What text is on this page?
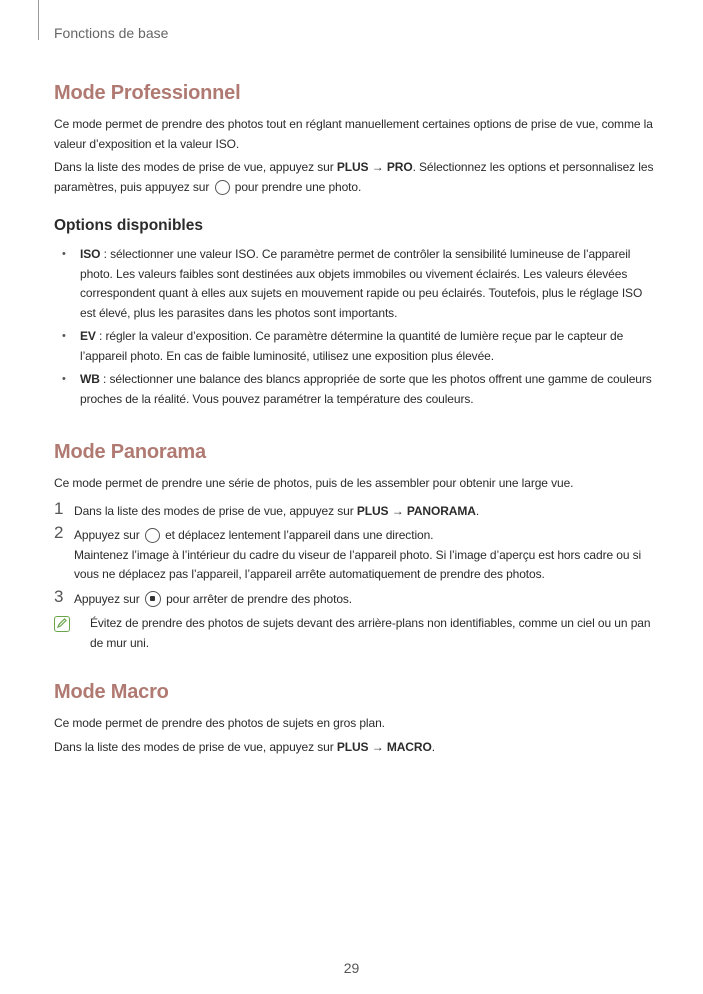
Fonctions de base
Mode Professionnel

Ce mode permet de prendre des photos tout en réglant manuellement certaines options de prise de vue, comme la valeur d’exposition et la valeur ISO.

Dans la liste des modes de prise de vue, appuyez sur PLUS → PRO. Sélectionnez les options et personnalisez les paramètres, puis appuyez sur  pour prendre une photo.

Options disponibles
• ISO : sélectionner une valeur ISO. Ce paramètre permet de contrôler la sensibilité lumineuse de l’appareil photo. Les valeurs faibles sont destinées aux objets immobiles ou vivement éclairés. Les valeurs élevées correspondent quant à elles aux sujets en mouvement rapide ou peu éclairés. Toutefois, plus le réglage ISO est élevé, plus les parasites dans les photos sont importants.
• EV : régler la valeur d’exposition. Ce paramètre détermine la quantité de lumière reçue par le capteur de l’appareil photo. En cas de faible luminosité, utilisez une exposition plus élevée.
• WB : sélectionner une balance des blancs appropriée de sorte que les photos offrent une gamme de couleurs proches de la réalité. Vous pouvez paramétrer la température des couleurs.
Mode Panorama

Ce mode permet de prendre une série de photos, puis de les assembler pour obtenir une large vue.

1 Dans la liste des modes de prise de vue, appuyez sur PLUS → PANORAMA.
2 Appuyez sur  et déplacez lentement l’appareil dans une direction.
Maintenez l’image à l’intérieur du cadre du viseur de l’appareil photo. Si l’image d’aperçu est hors cadre ou si vous ne déplacez pas l’appareil, l’appareil arrête automatiquement de prendre des photos.
3 Appuyez sur  pour arrêter de prendre des photos.
Évitez de prendre des photos de sujets devant des arrière-plans non identifiables, comme un ciel ou un pan de mur uni.
Mode Macro

Ce mode permet de prendre des photos de sujets en gros plan.

Dans la liste des modes de prise de vue, appuyez sur PLUS → MACRO.

29
